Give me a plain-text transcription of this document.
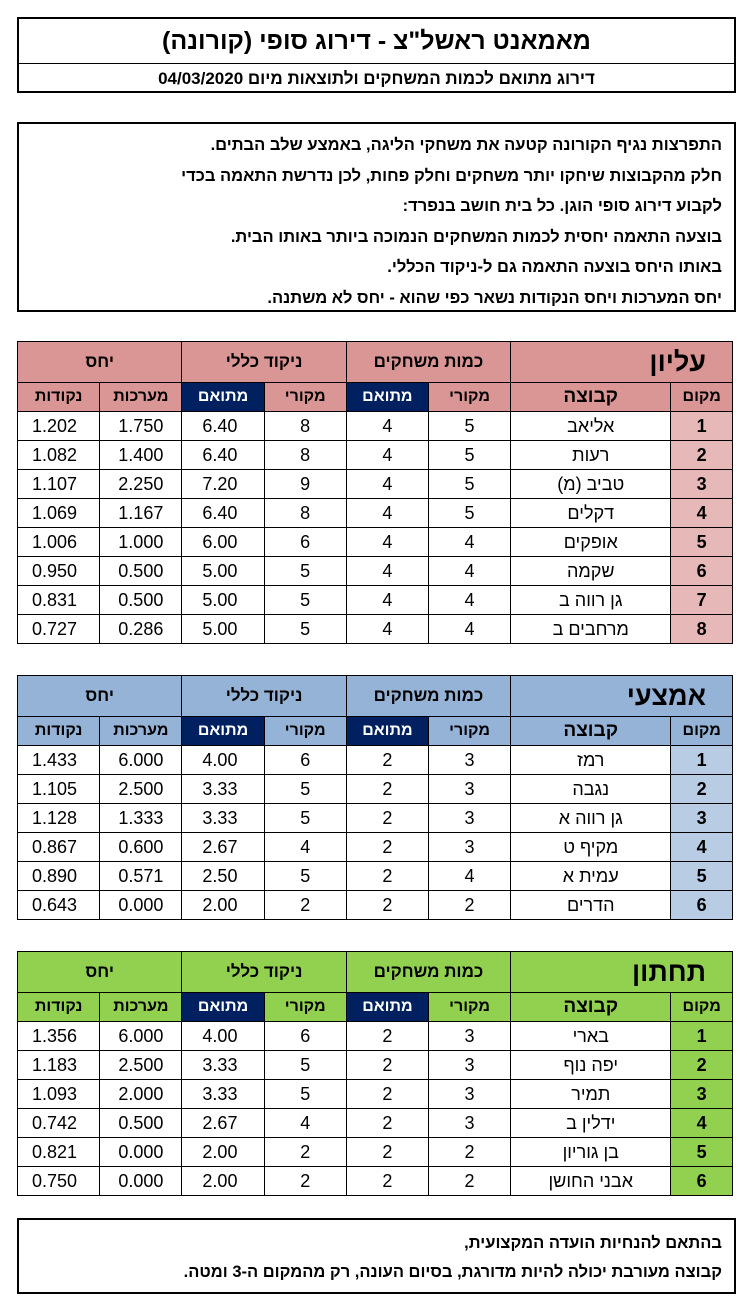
מאמאנט ראשל"צ - דירוג סופי (קורונה)
דירוג מתואם לכמות המשחקים ולתוצאות מיום 04/03/2020
התפרצות נגיף הקורונה קטעה את משחקי הליגה, באמצע שלב הבתים.
חלק מהקבוצות שיחקו יותר משחקים וחלק פחות, לכן נדרשת התאמה בכדי
לקבוע דירוג סופי הוגן. כל בית חושב בנפרד:
בוצעה התאמה יחסית לכמות המשחקים הנמוכה ביותר באותו הבית.
באותו היחס בוצעה התאמה גם ל-ניקוד הכללי.
יחס המערכות ויחס הנקודות נשאר כפי שהוא - יחס לא משתנה.
עליון		כמות משחקים		ניקוד כללי		יחס	
מקום	קבוצה	מקורי	מתואם	מקורי	מתואם	מערכות	נקודות
1	אליאב	5	4	8	6.40	1.750	1.202
2	רעות	5	4	8	6.40	1.400	1.082
3	טביב (מ)	5	4	9	7.20	2.250	1.107
4	דקלים	5	4	8	6.40	1.167	1.069
5	אופקים	4	4	6	6.00	1.000	1.006
6	שקמה	4	4	5	5.00	0.500	0.950
7	גן רווה ב	4	4	5	5.00	0.500	0.831
8	מרחבים ב	4	4	5	5.00	0.286	0.727
אמצעי		כמות משחקים		ניקוד כללי		יחס	
מקום	קבוצה	מקורי	מתואם	מקורי	מתואם	מערכות	נקודות
1	רמז	3	2	6	4.00	6.000	1.433
2	נגבה	3	2	5	3.33	2.500	1.105
3	גן רווה א	3	2	5	3.33	1.333	1.128
4	מקיף ט	3	2	4	2.67	0.600	0.867
5	עמית א	4	2	5	2.50	0.571	0.890
6	הדרים	2	2	2	2.00	0.000	0.643
תחתון		כמות משחקים		ניקוד כללי		יחס	
מקום	קבוצה	מקורי	מתואם	מקורי	מתואם	מערכות	נקודות
1	בארי	3	2	6	4.00	6.000	1.356
2	יפה נוף	3	2	5	3.33	2.500	1.183
3	תמיר	3	2	5	3.33	2.000	1.093
4	ידלין ב	3	2	4	2.67	0.500	0.742
5	בן גוריון	2	2	2	2.00	0.000	0.821
6	אבני החושן	2	2	2	2.00	0.000	0.750
בהתאם להנחיות הועדה המקצועית,
קבוצה מעורבת יכולה להיות מדורגת, בסיום העונה, רק מהמקום ה-3 ומטה.
